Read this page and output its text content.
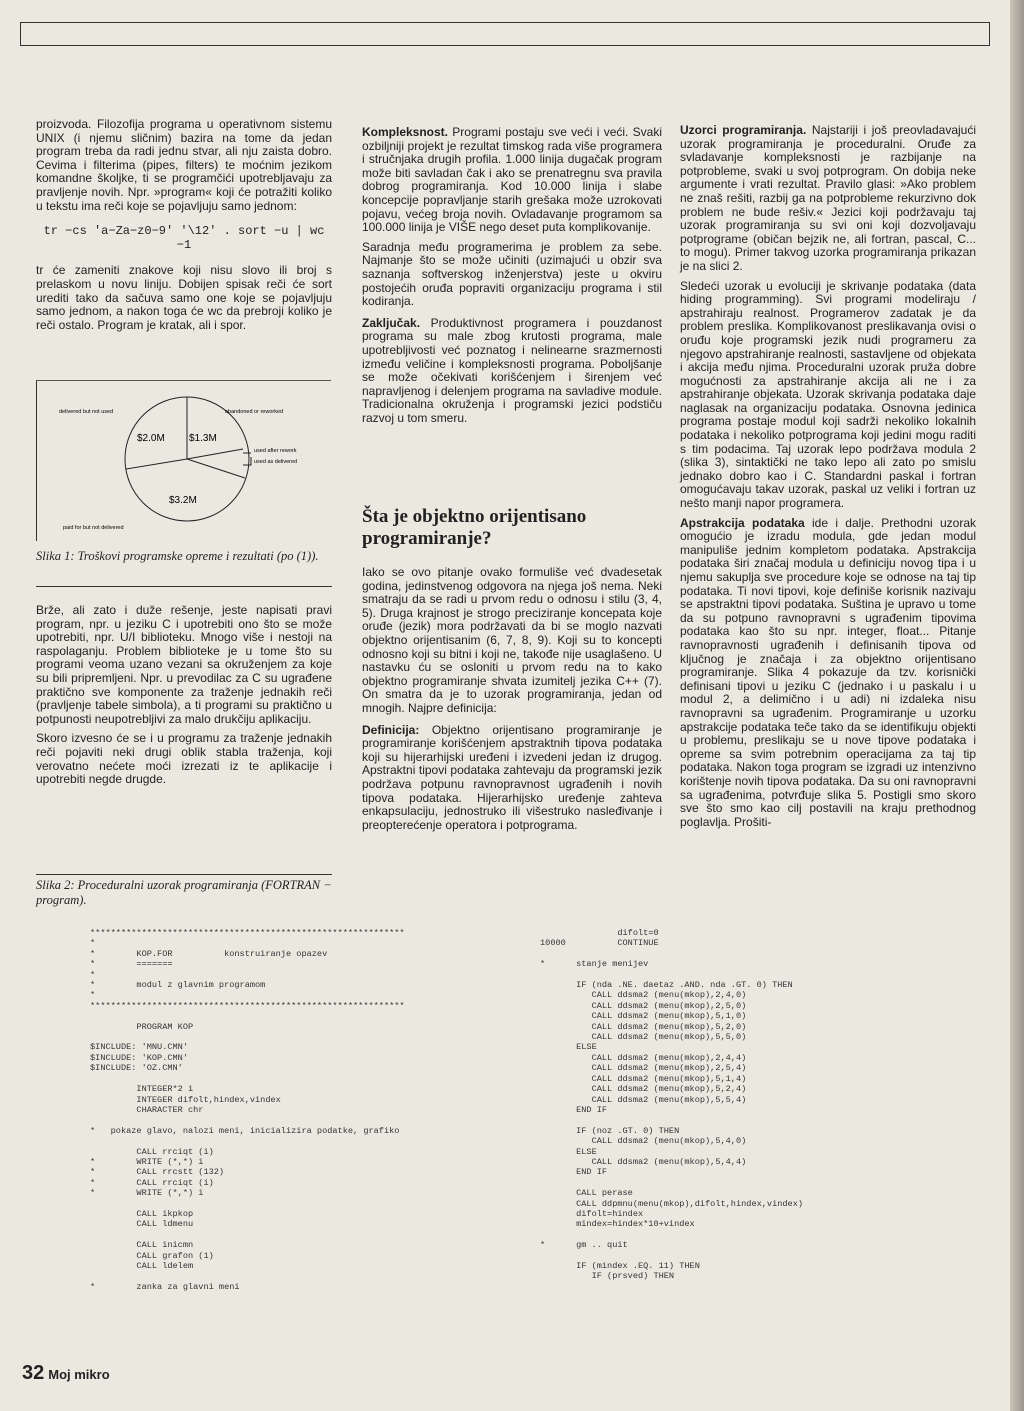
proizvoda. Filozofija programa u operativnom sistemu UNIX (i njemu sličnim) bazira na tome da jedan program treba da radi jednu stvar, ali nju zaista dobro. Cevima i filterima (pipes, filters) te moćnim jezikom komandne školjke, ti se programčići upotrebljavaju za pravljenje novih. Npr. »program« koji će potražiti koliko u tekstu ima reči koje se pojavljuju samo jednom:

tr −cs 'a−Za−z0−9' '\12' . sort −u | wc −1

tr će zameniti znakove koji nisu slovo ili broj s prelaskom u novu liniju. Dobijen spisak reči će sort urediti tako da sačuva samo one koje se pojavljuju samo jednom, a nakon toga će wc da prebroji koliko je reči ostalo. Program je kratak, ali i spor.

delivered but not used	abandoned or reworked
used after rework
used as delivered
paid for but not delivered
$2.0M $1.3M
$3.2M
Slika 1: Troškovi programske opreme i rezultati (po (1)).

Brže, ali zato i duže rešenje, jeste napisati pravi program, npr. u jeziku C i upotrebiti ono što se može upotrebiti, npr. U/I biblioteku. Mnogo više i nestoji na raspolaganju. Problem biblioteke je u tome što su programi veoma uzano vezani sa okruženjem za koje su bili pripremljeni. Npr. u prevodilac za C su ugrađene praktično sve komponente za traženje jednakih reči (pravljenje tabele simbola), a ti programi su praktično u potpunosti neupotrebljivi za malo drukčiju aplikaciju.

Skoro izvesno će se i u programu za traženje jednakih reči pojaviti neki drugi oblik stabla traženja, koji verovatno nećete moći izrezati iz te aplikacije i upotrebiti negde drugde.

Slika 2: Proceduralni uzorak programiranja (FORTRAN − program).

Kompleksnost. Programi postaju sve veći i veći. Svaki ozbiljniji projekt je rezultat timskog rada više programera i stručnjaka drugih profila. 1.000 linija dugačak program može biti savladan čak i ako se prenatregnu sva pravila dobrog programiranja. Kod 10.000 linija i slabe koncepcije popravljanje starih grešaka može uzrokovati pojavu, većeg broja novih. Ovladavanje programom sa 100.000 linija je VIŠE nego deset puta komplikovanije.

Saradnja među programerima je problem za sebe. Najmanje što se može učiniti (uzimajući u obzir sva saznanja softverskog inženjerstva) jeste u okviru postojećih oruđa popraviti organizaciju programa i stil kodiranja.

Zaključak. Produktivnost programera i pouzdanost programa su male zbog krutosti programa, male upotrebljivosti već poznatog i nelinearne srazmernosti između veličine i kompleksnosti programa. Poboljšanje se može očekivati korišćenjem i širenjem već napravljenog i delenjem programa na savladive module. Tradicionalna okruženja i programski jezici podstiču razvoj u tom smeru.

Šta je objektno orijentisano programiranje?

Iako se ovo pitanje ovako formuliše već dvadesetak godina, jedinstvenog odgovora na njega još nema. Neki smatraju da se radi u prvom redu o odnosu i stilu (3, 4, 5). Druga krajnost je strogo preciziranje koncepata koje oruđe (jezik) mora podržavati da bi se moglo nazvati objektno orijentisanim (6, 7, 8, 9). Koji su to koncepti odnosno koji su bitni i koji ne, takođe nije usaglašeno. U nastavku ću se osloniti u prvom redu na to kako objektno programiranje shvata izumitelj jezika C++ (7). On smatra da je to uzorak programiranja, jedan od mnogih. Najpre definicija:

Definicija: Objektno orijentisano programiranje je programiranje korišćenjem apstraktnih tipova podataka koji su hijerarhijski uređeni i izvedeni jedan iz drugog. Apstraktni tipovi podataka zahtevaju da programski jezik podržava potpunu ravnopravnost ugrađenih i novih tipova podataka. Hijerarhijsko uređenje zahteva enkapsulaciju, jednostruko ili višestruko nasleđivanje i preopterećenje operatora i potprograma.

Uzorci programiranja. Najstariji i još preovladavajući uzorak programiranja je proceduralni. Oruđe za svladavanje kompleksnosti je razbijanje na potprobleme, svaki u svoj potprogram. On dobija neke argumente i vrati rezultat. Pravilo glasi: »Ako problem ne znaš rešiti, razbij ga na potprobleme rekurzivno dok problem ne bude rešiv.« Jezici koji podržavaju taj uzorak programiranja su svi oni koji dozvoljavaju potprograme (običan bejzik ne, ali fortran, pascal, C... to mogu). Primer takvog uzorka programiranja prikazan je na slici 2.

Sledeći uzorak u evoluciji je skrivanje podataka (data hiding programming). Svi programi modeliraju / apstrahiraju realnost. Programerov zadatak je da problem preslika. Komplikovanost preslikavanja ovisi o oruđu koje programski jezik nudi programeru za njegovo apstrahiranje realnosti, sastavljene od objekata i akcija među njima. Proceduralni uzorak pruža dobre mogućnosti za apstrahiranje akcija ali ne i za apstrahiranje objekata. Uzorak skrivanja podataka daje naglasak na organizaciju podataka. Osnovna jedinica programa postaje modul koji sadrži nekoliko lokalnih podataka i nekoliko potprograma koji jedini mogu raditi s tim podacima. Taj uzorak lepo podržava modula 2 (slika 3), sintaktički ne tako lepo ali zato po smislu jednako dobro kao i C. Standardni paskal i fortran omogućavaju takav uzorak, paskal uz veliki i fortran uz nešto manji napor programera.

Apstrakcija podataka ide i dalje. Prethodni uzorak omogućio je izradu modula, gde jedan modul manipuliše jednim kompletom podataka. Apstrakcija podataka širi značaj modula u definiciju novog tipa i u njemu sakuplja sve procedure koje se odnose na taj tip podataka. Ti novi tipovi, koje definiše korisnik nazivaju se apstraktni tipovi podataka. Suština je upravo u tome da su potpuno ravnopravni s ugrađenim tipovima podataka kao što su npr. integer, float... Pitanje ravnopravnosti ugrađenih i definisanih tipova od ključnog je značaja i za objektno orijentisano programiranje. Slika 4 pokazuje da tzv. korisnički definisani tipovi u jeziku C (jednako i u paskalu i u modul 2, a delimično i u adi) ni izdaleka nisu ravnopravni sa ugrađenim. Programiranje u uzorku apstrakcije podataka teče tako da se identifikuju objekti u problemu, preslikaju se u nove tipove podataka i opreme sa svim potrebnim operacijama za taj tip podataka. Nakon toga program se izgradi uz intenzivno korištenje novih tipova podataka. Da su oni ravnopravni sa ugrađenima, potvrđuje slika 5. Postigli smo skoro sve što smo kao cilj postavili na kraju prethodnog poglavlja. Prošiti-

*************************************************************
*
*        KOP.FOR          konstruiranje opazev
*        =======
*
*        modul z glavnim programom
*
*************************************************************

PROGRAM KOP

$INCLUDE: 'MNU.CMN'
$INCLUDE: 'KOP.CMN'
$INCLUDE: 'OZ.CMN'

INTEGER*2 i
INTEGER difolt,hindex,vindex
CHARACTER chr

*   pokaze glavo, nalozi meni, inicializira podatke, grafiko

CALL rrciqt (i)
*        WRITE (*,*) i
*        CALL rrcstt (132)
*        CALL rrciqt (i)
*        WRITE (*,*) i

CALL ikpkop
CALL ldmenu

CALL inicmn
CALL grafon (1)
CALL ldelem

*        zanka za glavni meni

difolt=0
10000          CONTINUE

*      stanje menijev

IF (nda .NE. daetaz .AND. nda .GT. 0) THEN
CALL ddsma2 (menu(mkop),2,4,0)
CALL ddsma2 (menu(mkop),2,5,0)
CALL ddsma2 (menu(mkop),5,1,0)
CALL ddsma2 (menu(mkop),5,2,0)
CALL ddsma2 (menu(mkop),5,5,0)
ELSE
CALL ddsma2 (menu(mkop),2,4,4)
CALL ddsma2 (menu(mkop),2,5,4)
CALL ddsma2 (menu(mkop),5,1,4)
CALL ddsma2 (menu(mkop),5,2,4)
CALL ddsma2 (menu(mkop),5,5,4)
END IF

IF (noz .GT. 0) THEN
CALL ddsma2 (menu(mkop),5,4,0)
ELSE
CALL ddsma2 (menu(mkop),5,4,4)
END IF

CALL perase
CALL ddpmnu(menu(mkop),difolt,hindex,vindex)
difolt=hindex
mindex=hindex*10+vindex

*      gm .. quit

IF (mindex .EQ. 11) THEN
IF (prsved) THEN

32 Moj mikro
